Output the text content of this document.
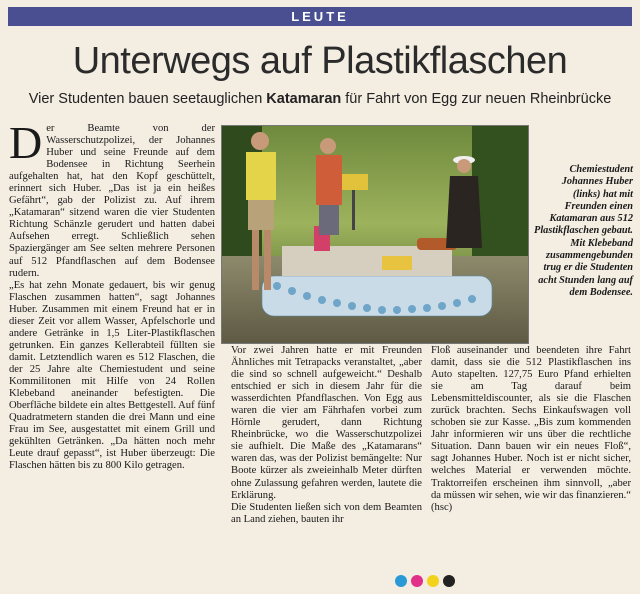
LEUTE
Unterwegs auf Plastikflaschen
Vier Studenten bauen seetauglichen Katamaran für Fahrt von Egg zur neuen Rheinbrücke

Der Beamte von der Wasserschutzpolizei, der Johannes Huber und seine Freunde auf dem Bodensee in Richtung Seerhein aufgehalten hat, hat den Kopf geschüttelt, erinnert sich Huber. „Das ist ja ein heißes Gefährt“, gab der Polizist zu. Auf ihrem „Katamaran“ sitzend waren die vier Studenten Richtung Schänzle gerudert und hatten dabei Aufsehen erregt. Schließlich sehen Spaziergänger am See selten mehrere Personen auf 512 Pfandflaschen auf dem Bodensee rudern.

„Es hat zehn Monate gedauert, bis wir genug Flaschen zusammen hatten“, sagt Johannes Huber. Zusammen mit einem Freund hat er in dieser Zeit vor allem Wasser, Apfelschorle und andere Getränke in 1,5 Liter-Plastikflaschen getrunken. Ein ganzes Kellerabteil füllten sie damit. Letztendlich waren es 512 Flaschen, die der 25 Jahre alte Chemiestudent und seine Kommilitonen mit Hilfe von 24 Rollen Klebeband aneinander befestigten. Die Oberfläche bildete ein altes Bettgestell. Auf fünf Quadratmetern standen die drei Mann und eine Frau im See, ausgestattet mit einem Grill und gekühlten Getränken. „Da hätten noch mehr Leute drauf gepasst“, ist Huber überzeugt: Die Flaschen hätten bis zu 800 Kilo getragen.

Chemiestudent Johannes Huber (links) hat mit Freunden einen Katamaran aus 512 Plastikflaschen gebaut. Mit Klebeband zusammengebunden trug er die Studenten acht Stunden lang auf dem Bodensee.

Vor zwei Jahren hatte er mit Freunden Ähnliches mit Tetrapacks veranstaltet, „aber die sind so schnell aufgeweicht.“ Deshalb entschied er sich in diesem Jahr für die wasserdichten Pfandflaschen. Von Egg aus waren die vier am Fährhafen vorbei zum Hörnle gerudert, dann Richtung Rheinbrücke, wo die Wasserschutzpolizei sie aufhielt. Die Maße des „Katamarans“ waren das, was der Polizist bemängelte: Nur Boote kürzer als zweieinhalb Meter dürften ohne Zulassung gefahren werden, lautete die Erklärung.

Die Studenten ließen sich von dem Beamten an Land ziehen, bauten ihr

Floß auseinander und beendeten ihre Fahrt damit, dass sie die 512 Plastikflaschen ins Auto stapelten. 127,75 Euro Pfand erhielten sie am Tag darauf beim Lebensmitteldiscounter, als sie die Flaschen zurück brachten. Sechs Einkaufswagen voll schoben sie zur Kasse. „Bis zum kommenden Jahr informieren wir uns über die rechtliche Situation. Dann bauen wir ein neues Floß“, sagt Johannes Huber. Noch ist er nicht sicher, welches Material er verwenden möchte. Traktorreifen erscheinen ihm sinnvoll, „aber da müssen wir sehen, wie wir das finanzieren.“ (hsc)
